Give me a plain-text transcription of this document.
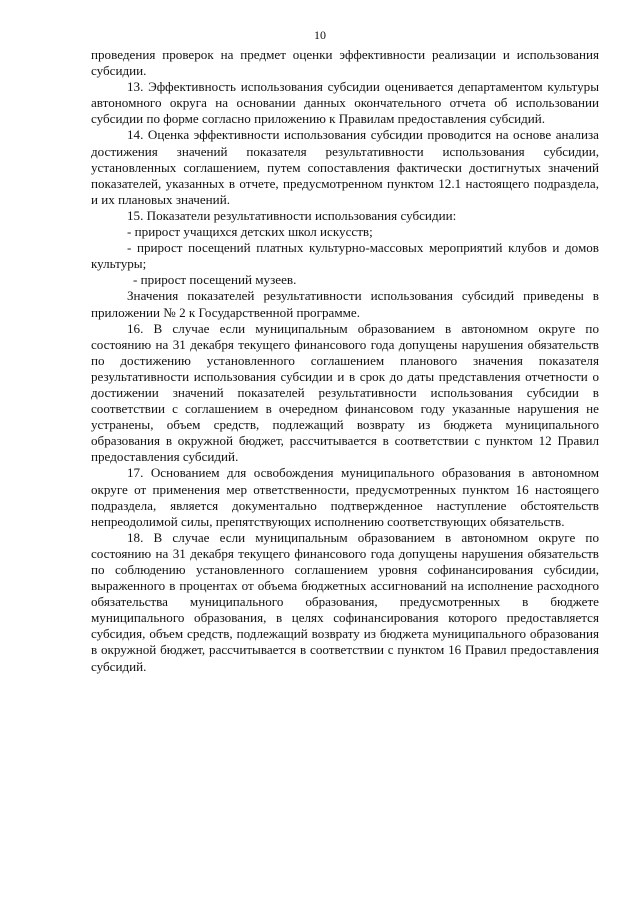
10

проведения проверок на предмет оценки эффективности реализации и использования субсидии.

13. Эффективность использования субсидии оценивается департаментом культуры автономного округа на основании данных окончательного отчета об использовании субсидии по форме согласно приложению к Правилам предоставления субсидий.

14. Оценка эффективности использования субсидии проводится на основе анализа достижения значений показателя результативности использования субсидии, установленных соглашением, путем сопоставления фактически достигнутых значений показателей, указанных в отчете, предусмотренном пунктом 12.1 настоящего подраздела, и их плановых значений.

15. Показатели результативности использования субсидии:

- прирост учащихся детских школ искусств;

- прирост посещений платных культурно-массовых мероприятий клубов и домов культуры;

- прирост посещений музеев.

Значения показателей результативности использования субсидий приведены в приложении № 2 к Государственной программе.

16. В случае если муниципальным образованием в автономном округе по состоянию на 31 декабря текущего финансового года допущены нарушения обязательств по достижению установленного соглашением планового значения показателя результативности использования субсидии и в срок до даты представления отчетности о достижении значений показателей результативности использования субсидии в соответствии с соглашением в очередном финансовом году указанные нарушения не устранены, объем средств, подлежащий возврату из бюджета муниципального образования в окружной бюджет, рассчитывается в соответствии с пунктом 12 Правил предоставления субсидий.

17. Основанием для освобождения муниципального образования в автономном округе от применения мер ответственности, предусмотренных пунктом 16 настоящего подраздела, является документально подтвержденное наступление обстоятельств непреодолимой силы, препятствующих исполнению соответствующих обязательств.

18. В случае если муниципальным образованием в автономном округе по состоянию на 31 декабря текущего финансового года допущены нарушения обязательств по соблюдению установленного соглашением уровня софинансирования субсидии, выраженного в процентах от объема бюджетных ассигнований на исполнение расходного обязательства муниципального образования, предусмотренных в бюджете муниципального образования, в целях софинансирования которого предоставляется субсидия, объем средств, подлежащий возврату из бюджета муниципального образования в окружной бюджет, рассчитывается в соответствии с пунктом 16 Правил предоставления субсидий.
